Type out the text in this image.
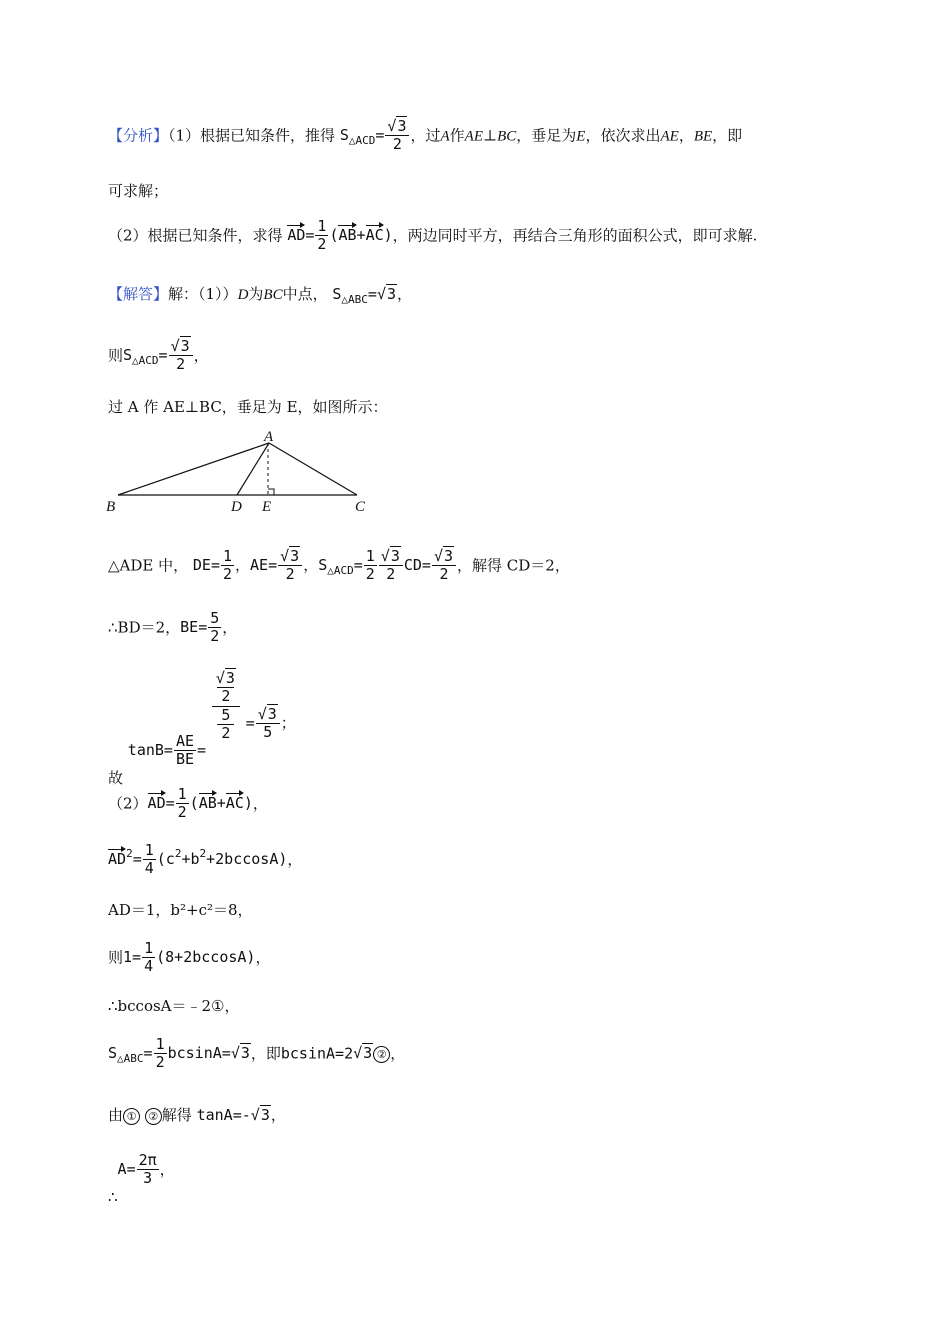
【分析】（1）根据已知条件，推得 $S_{\triangle ACD}= \frac{√3}{2}$ ，过A作AE⊥BC，垂足为E，依次求出AE，BE，即
可求解；
（2）根据已知条件，求得 $AD= \frac{1}{2} (AB+AC)$，两边同时平方，再结合三角形的面积公式，即可求解.
【解答】解：（1））D为BC中点， $S_{\triangle ABC}=√3$，
则$S_{\triangle ACD}= \frac{√3}{2}$ ，
过 A 作 AE⊥BC，垂足为 E，如图所示：
A
B	D E	C
△ADE 中， $DE= \frac{1}{2}$ ，$AE= \frac{√3}{2}$ ，$S_{\triangle ACD}= \frac{1}{2} \frac{√3}{2} CD= \frac{√3}{2}$ ，解得 CD＝2，
∴BD＝2，$BE= \frac{5}{2}$ ，
故 $\tan B= \frac{AE}{BE}$ =
√3
2
5
2
= $\frac{√3}{5}$ ；
$(2)AD= \frac{1}{2} (AB+AC)$，
$AD^2= \frac{1}{4} (c^2+b^2+2bccosA)$，
AD＝1，b²+c²＝8，
则$1= \frac{1}{4} (8+2bccosA)$，
∴bccosA＝﹣2①，
$S_{\triangle ABC}= \frac{1}{2} bcsinA=√3$，即bcsinA=2√3 ② ，
由 ① ② 解得 tanA=-√3，
∴A= $\frac{2\pi}{3}$ ，
